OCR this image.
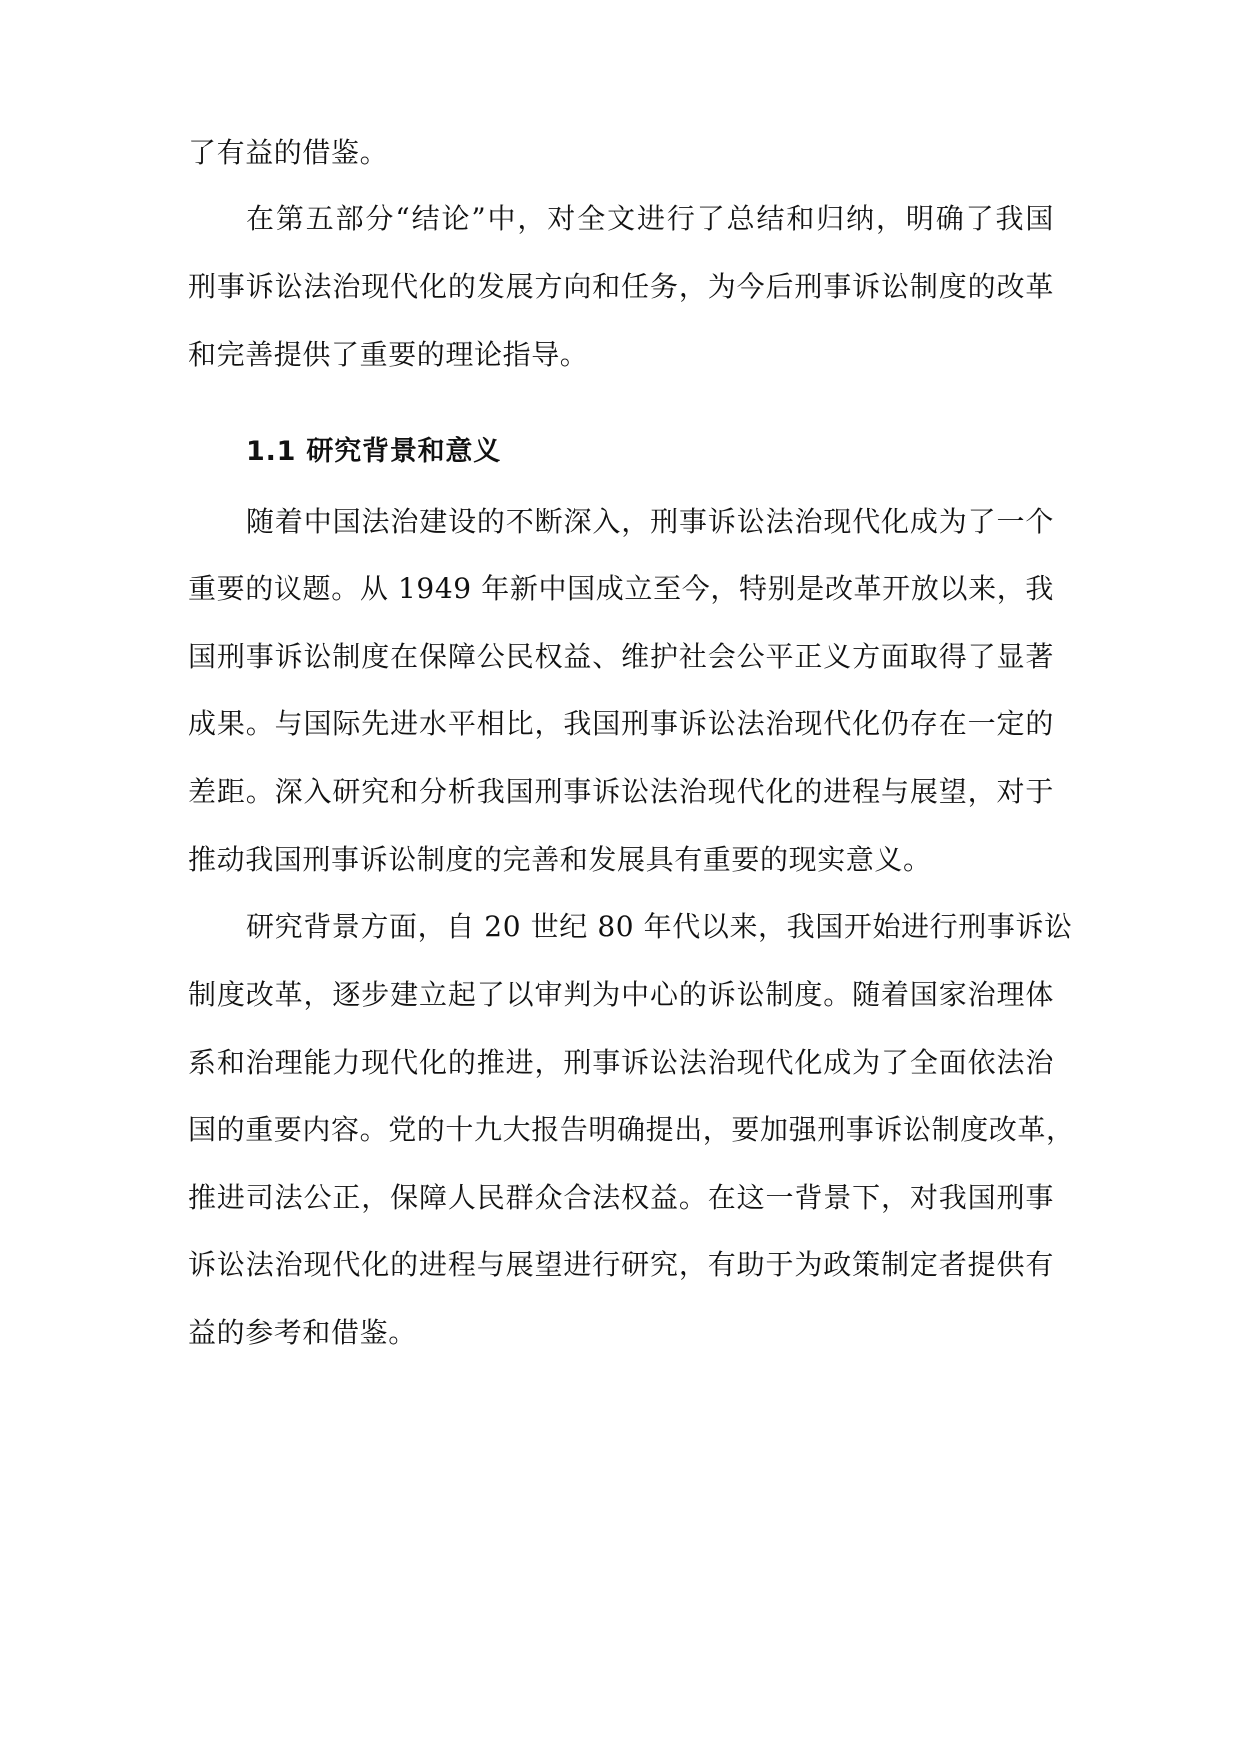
了有益的借鉴。
在第五部分“结论”中，对全文进行了总结和归纳，明确了我国
刑事诉讼法治现代化的发展方向和任务，为今后刑事诉讼制度的改革
和完善提供了重要的理论指导。
1.1 研究背景和意义
随着中国法治建设的不断深入，刑事诉讼法治现代化成为了一个
重要的议题。从 1949 年新中国成立至今，特别是改革开放以来，我
国刑事诉讼制度在保障公民权益、维护社会公平正义方面取得了显著
成果。与国际先进水平相比，我国刑事诉讼法治现代化仍存在一定的
差距。深入研究和分析我国刑事诉讼法治现代化的进程与展望，对于
推动我国刑事诉讼制度的完善和发展具有重要的现实意义。
研究背景方面，自 20 世纪 80 年代以来，我国开始进行刑事诉讼
制度改革，逐步建立起了以审判为中心的诉讼制度。随着国家治理体
系和治理能力现代化的推进，刑事诉讼法治现代化成为了全面依法治
国的重要内容。党的十九大报告明确提出，要加强刑事诉讼制度改革，
推进司法公正，保障人民群众合法权益。在这一背景下，对我国刑事
诉讼法治现代化的进程与展望进行研究，有助于为政策制定者提供有
益的参考和借鉴。
